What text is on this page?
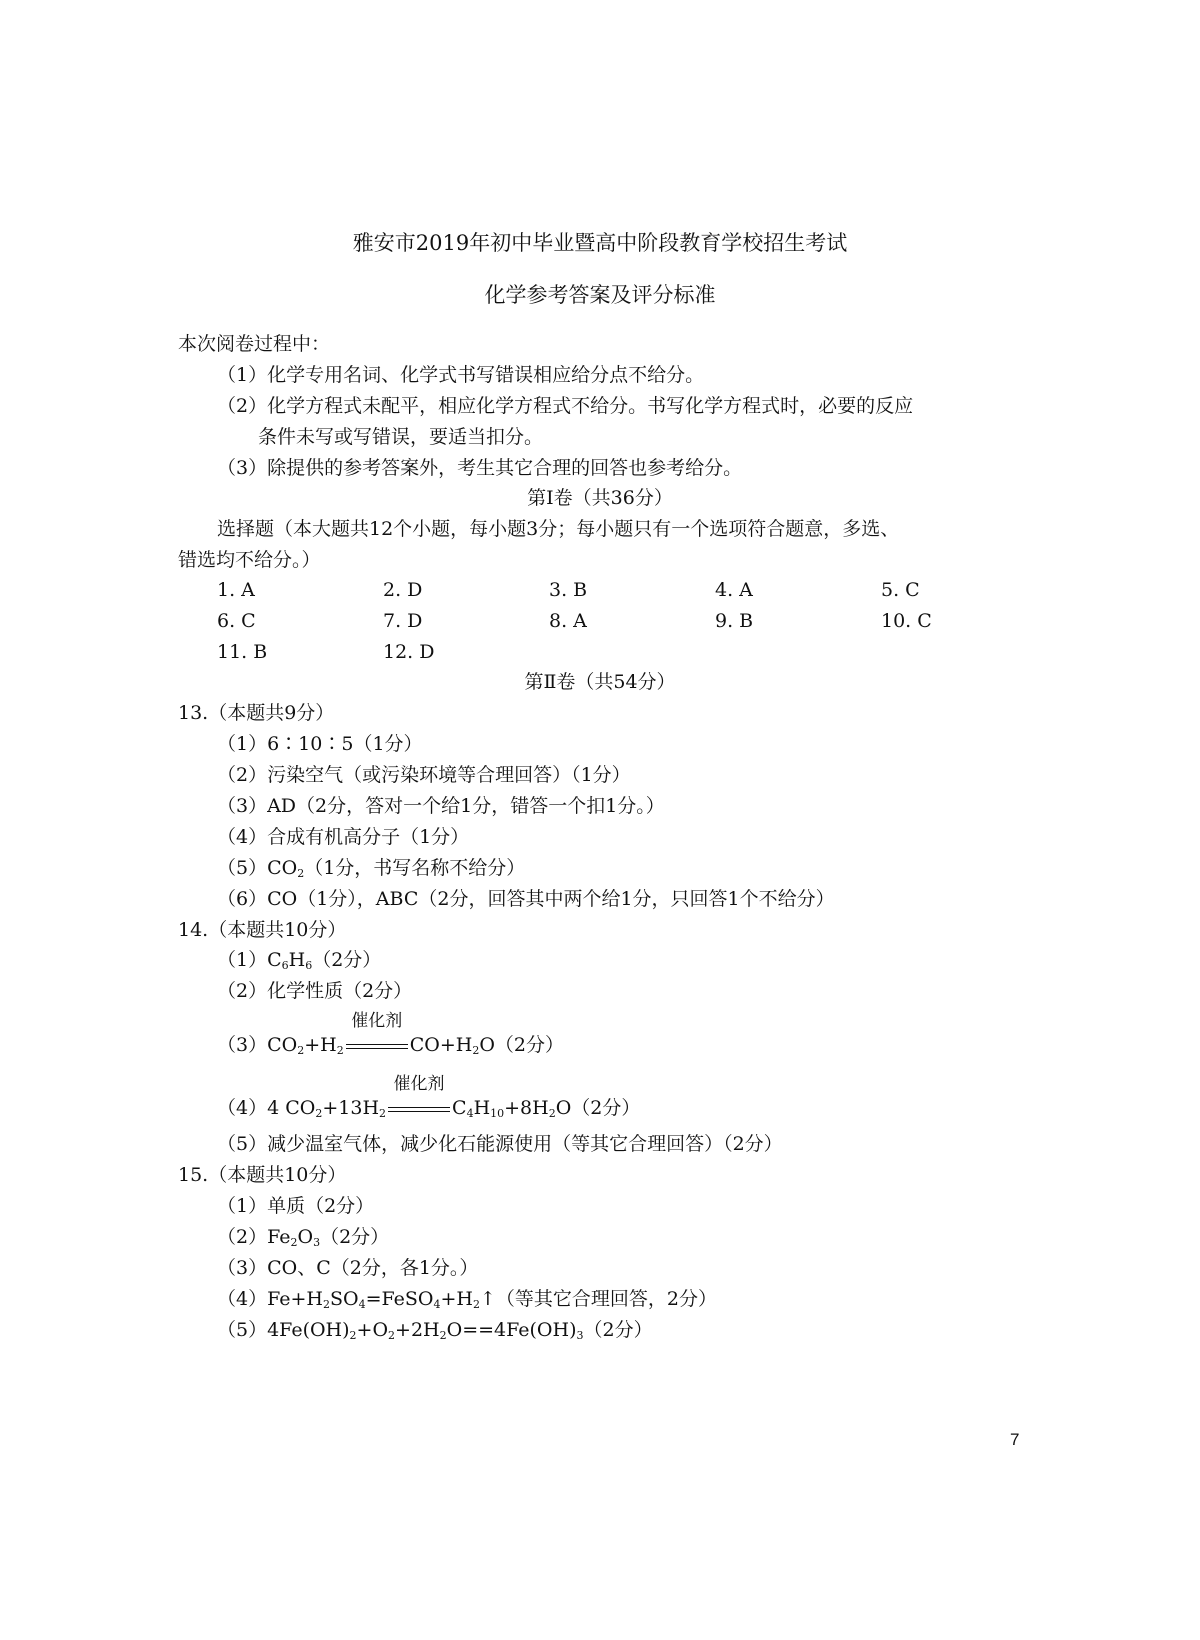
雅安市2019年初中毕业暨高中阶段教育学校招生考试
化学参考答案及评分标准
本次阅卷过程中：
（1）化学专用名词、化学式书写错误相应给分点不给分。
（2）化学方程式未配平，相应化学方程式不给分。书写化学方程式时，必要的反应
条件未写或写错误，要适当扣分。
（3）除提供的参考答案外，考生其它合理的回答也参考给分。
第Ⅰ卷（共36分）
选择题（本大题共12个小题，每小题3分；每小题只有一个选项符合题意，多选、
错选均不给分。）
1. A	2. D	3. B	4. A	5. C
6. C	7. D	8. A	9. B	10. C
11. B	12. D
第Ⅱ卷（共54分）
13.（本题共9分）
（1）6∶10∶5（1分）
（2）污染空气（或污染环境等合理回答）（1分）
（3）AD（2分，答对一个给1分，错答一个扣1分。）
（4）合成有机高分子（1分）
$(5)CO_2(1$分，书写名称不给分）
（6）CO（1分），ABC（2分，回答其中两个给1分，只回答1个不给分）
14.（本题共10分）
$(1)C_6H_6(2$分）
（2）化学性质（2分）
$(3)CO_2+H_2$
催化剂
$CO+H_2O(2$分）
（4）4 $CO_2+13H_2$
催化剂
$C_4H_{10}+8H_2O(2$分）
（5）减少温室气体，减少化石能源使用（等其它合理回答）（2分）
15.（本题共10分）
（1）单质（2分）
$(2)Fe_2O_3(2$分）
（3）CO、C（2分，各1分。）
$(4)Fe+H_2SO_4=FeSO_4+H_2↑$（等其它合理回答，2分）
$(5)4Fe(OH)_2+O_2+2H_2O==4Fe(OH)_3(2$分）
7
